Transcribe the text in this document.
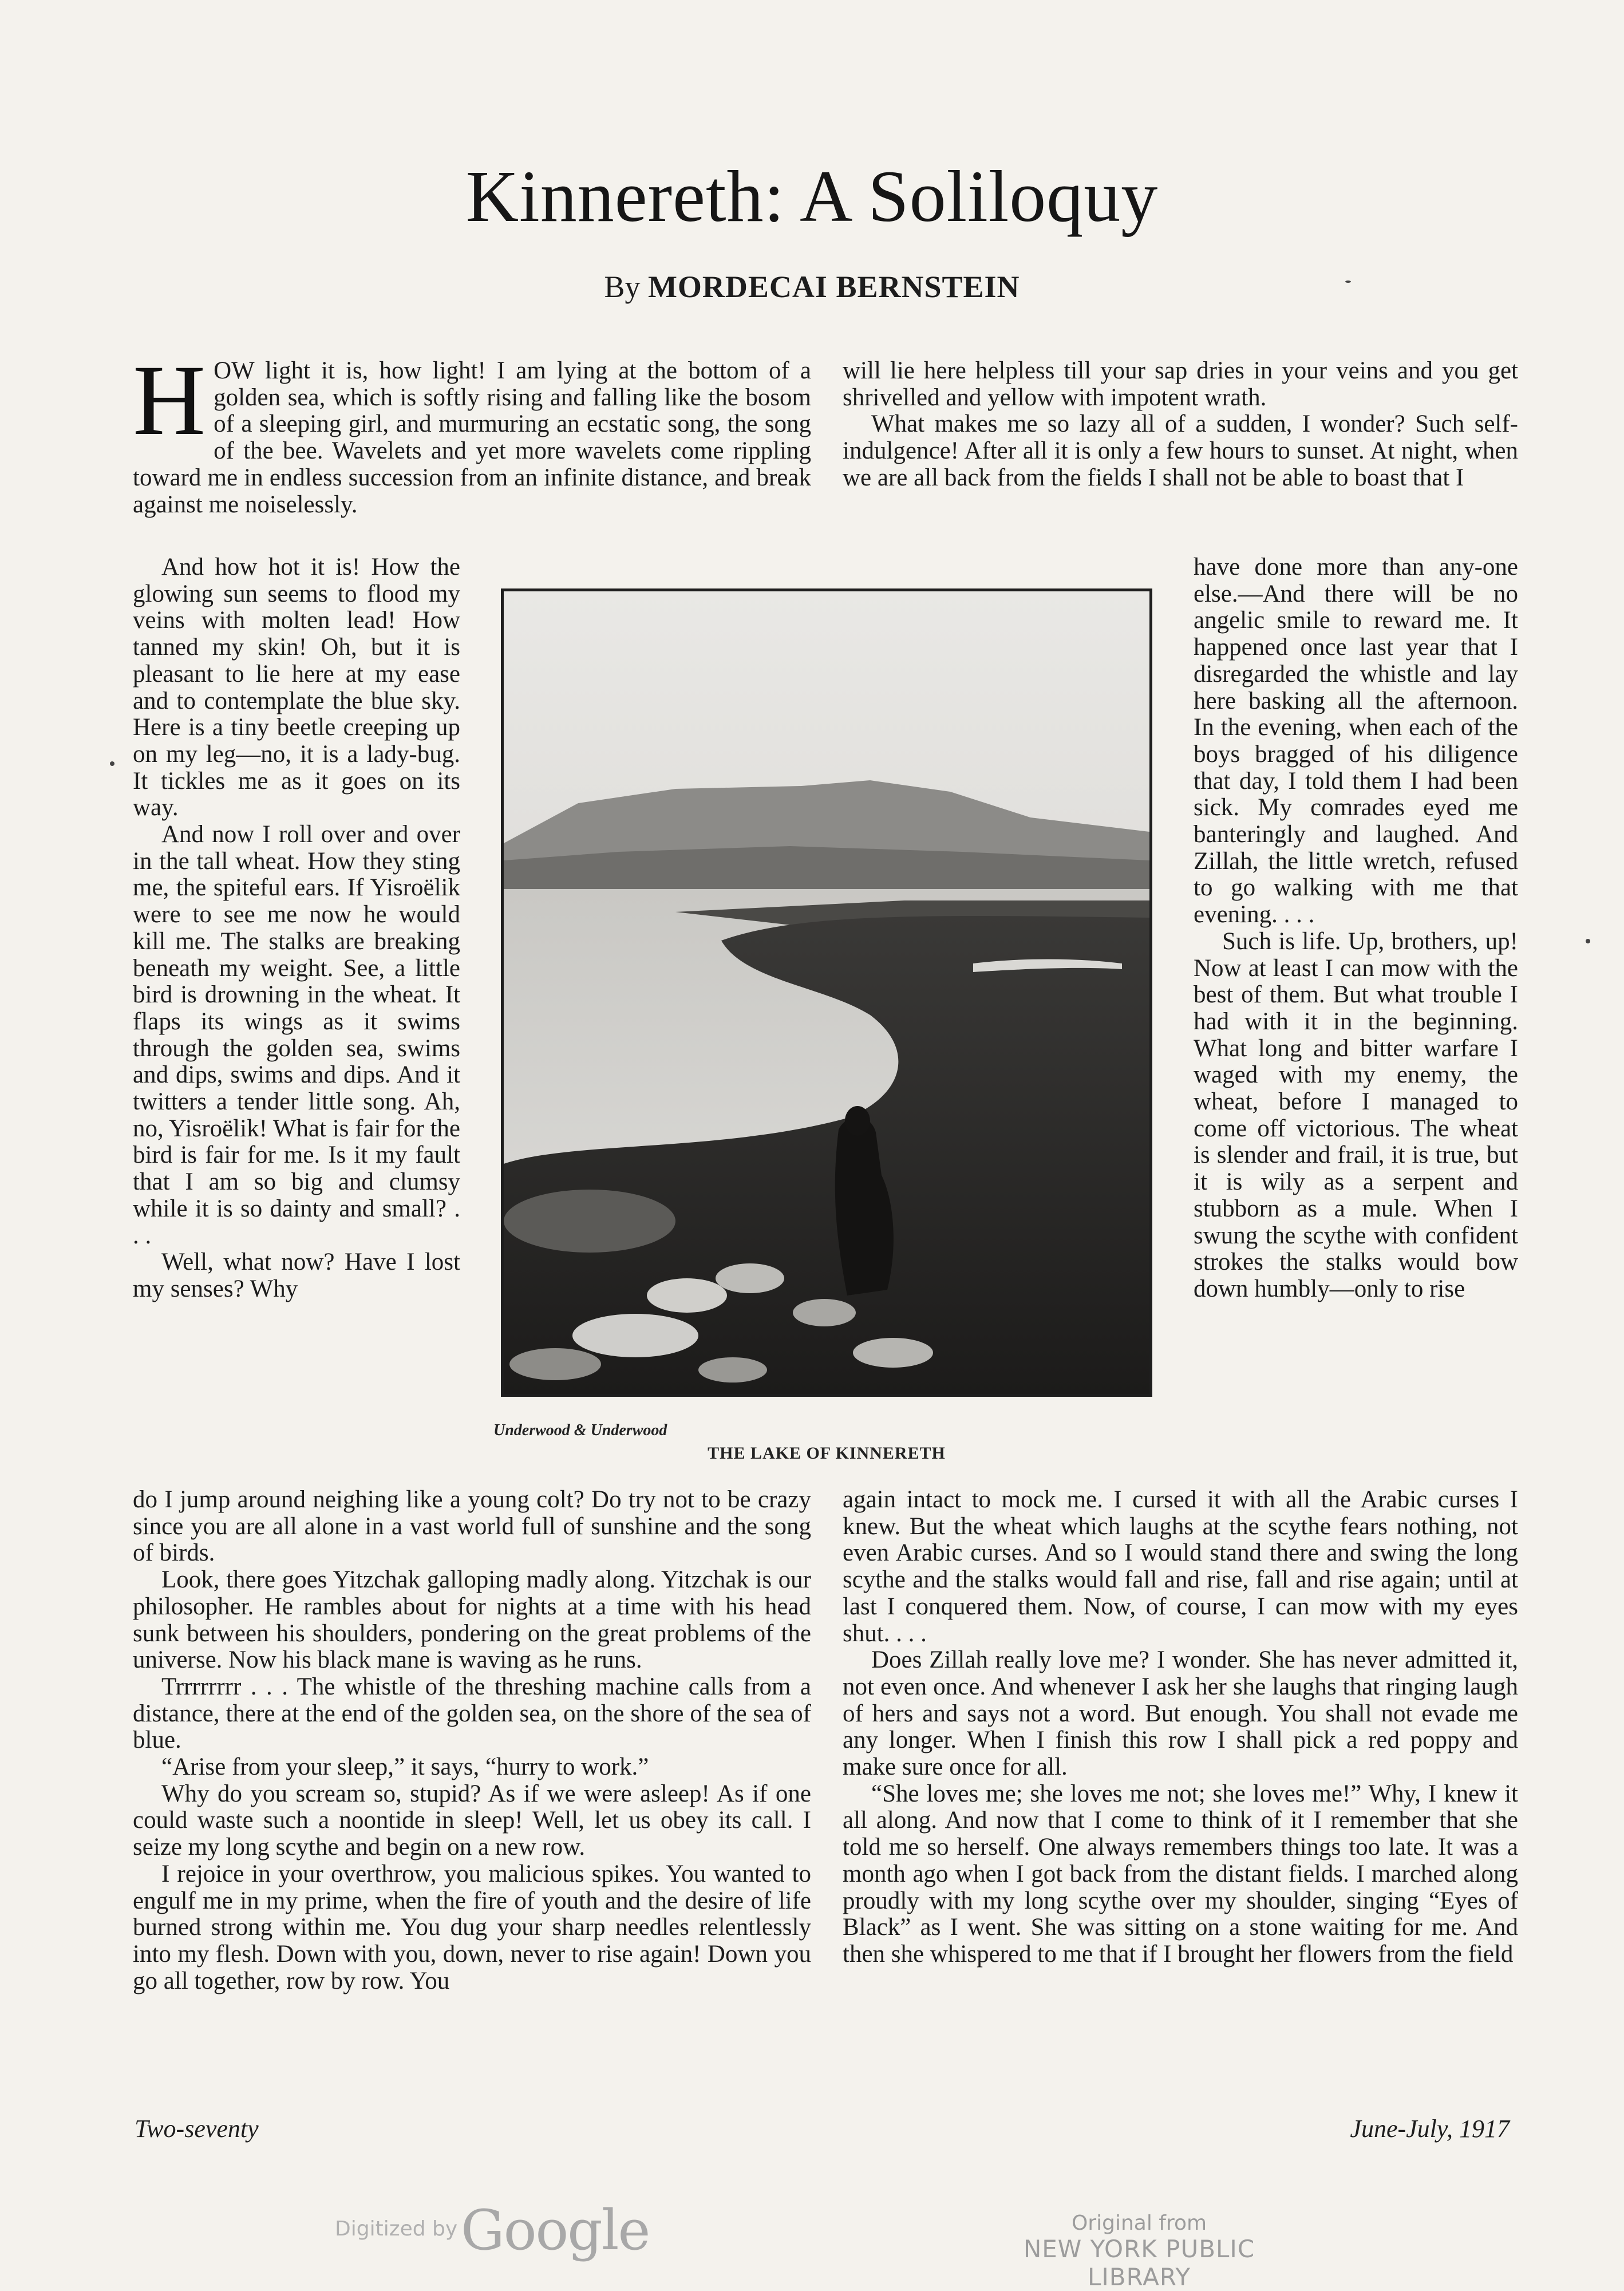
Kinnereth: A Soliloquy
By MORDECAI BERNSTEIN

HOW light it is, how light! I am lying at the bottom of a golden sea, which is softly rising and falling like the bosom of a sleeping girl, and murmuring an ecstatic song, the song of the bee. Wavelets and yet more wavelets come rippling toward me in endless succession from an infinite distance, and break against me noiselessly.

And how hot it is! How the glowing sun seems to flood my veins with molten lead! How tanned my skin! Oh, but it is pleasant to lie here at my ease and to contemplate the blue sky. Here is a tiny beetle creeping up on my leg—no, it is a lady-bug. It tickles me as it goes on its way.

And now I roll over and over in the tall wheat. How they sting me, the spiteful ears. If Yisroëlik were to see me now he would kill me. The stalks are breaking beneath my weight. See, a little bird is drowning in the wheat. It flaps its wings as it swims through the golden sea, swims and dips, swims and dips. And it twitters a tender little song. Ah, no, Yisroëlik! What is fair for the bird is fair for me. Is it my fault that I am so big and clumsy while it is so dainty and small? . . .

Well, what now? Have I lost my senses? Why

do I jump around neighing like a young colt? Do try not to be crazy since you are all alone in a vast world full of sunshine and the song of birds.

Look, there goes Yitzchak galloping madly along. Yitzchak is our philosopher. He rambles about for nights at a time with his head sunk between his shoulders, pondering on the great problems of the universe. Now his black mane is waving as he runs.

Trrrrrrrr . . . The whistle of the threshing machine calls from a distance, there at the end of the golden sea, on the shore of the sea of blue.

“Arise from your sleep,” it says, “hurry to work.”

Why do you scream so, stupid? As if we were asleep! As if one could waste such a noontide in sleep! Well, let us obey its call. I seize my long scythe and begin on a new row.

I rejoice in your overthrow, you malicious spikes. You wanted to engulf me in my prime, when the fire of youth and the desire of life burned strong within me. You dug your sharp needles relentlessly into my flesh. Down with you, down, never to rise again! Down you go all together, row by row. You

will lie here helpless till your sap dries in your veins and you get shrivelled and yellow with impotent wrath.

What makes me so lazy all of a sudden, I wonder? Such self-indulgence! After all it is only a few hours to sunset. At night, when we are all back from the fields I shall not be able to boast that I

have done more than any-one else.—And there will be no angelic smile to reward me. It happened once last year that I disregarded the whistle and lay here basking all the afternoon. In the evening, when each of the boys bragged of his diligence that day, I told them I had been sick. My comrades eyed me banteringly and laughed. And Zillah, the little wretch, refused to go walking with me that evening. . . .

Such is life. Up, brothers, up! Now at least I can mow with the best of them. But what trouble I had with it in the beginning. What long and bitter warfare I waged with my enemy, the wheat, before I managed to come off victorious. The wheat is slender and frail, it is true, but it is wily as a serpent and stubborn as a mule. When I swung the scythe with confident strokes the stalks would bow down humbly—only to rise

again intact to mock me. I cursed it with all the Arabic curses I knew. But the wheat which laughs at the scythe fears nothing, not even Arabic curses. And so I would stand there and swing the long scythe and the stalks would fall and rise, fall and rise again; until at last I conquered them. Now, of course, I can mow with my eyes shut. . . .

Does Zillah really love me? I wonder. She has never admitted it, not even once. And whenever I ask her she laughs that ringing laugh of hers and says not a word. But enough. You shall not evade me any longer. When I finish this row I shall pick a red poppy and make sure once for all.

“She loves me; she loves me not; she loves me!” Why, I knew it all along. And now that I come to think of it I remember that she told me so herself. One always remembers things too late. It was a month ago when I got back from the distant fields. I marched along proudly with my long scythe over my shoulder, singing “Eyes of Black” as I went. She was sitting on a stone waiting for me. And then she whispered to me that if I brought her flowers from the field

Underwood & Underwood
THE LAKE OF KINNERETH
Two-seventy	June-July, 1917
Digitized by Google	Original from
NEW YORK PUBLIC LIBRARY
